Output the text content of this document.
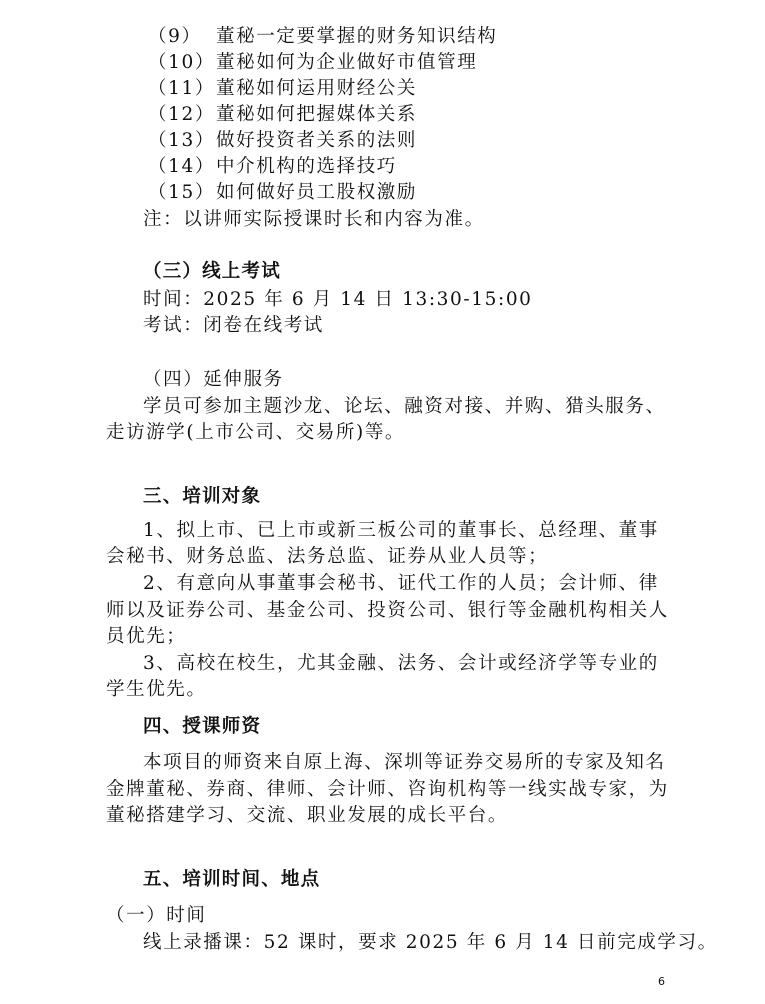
（9） 董秘一定要掌握的财务知识结构
（10）董秘如何为企业做好市值管理
（11）董秘如何运用财经公关
（12）董秘如何把握媒体关系
（13）做好投资者关系的法则
（14）中介机构的选择技巧
（15）如何做好员工股权激励
注：以讲师实际授课时长和内容为准。
（三）线上考试
时间：2025 年 6 月 14 日 13:30-15:00
考试：闭卷在线考试
（四）延伸服务
学员可参加主题沙龙、论坛、融资对接、并购、猎头服务、
走访游学(上市公司、交易所)等。
三、培训对象
1、拟上市、已上市或新三板公司的董事长、总经理、董事
会秘书、财务总监、法务总监、证券从业人员等；
2、有意向从事董事会秘书、证代工作的人员；会计师、律
师以及证券公司、基金公司、投资公司、银行等金融机构相关人
员优先；
3、高校在校生，尤其金融、法务、会计或经济学等专业的
学生优先。
四、授课师资
本项目的师资来自原上海、深圳等证券交易所的专家及知名
金牌董秘、券商、律师、会计师、咨询机构等一线实战专家，为
董秘搭建学习、交流、职业发展的成长平台。
五、培训时间、地点
（一）时间
线上录播课：52 课时，要求 2025 年 6 月 14 日前完成学习。
6
